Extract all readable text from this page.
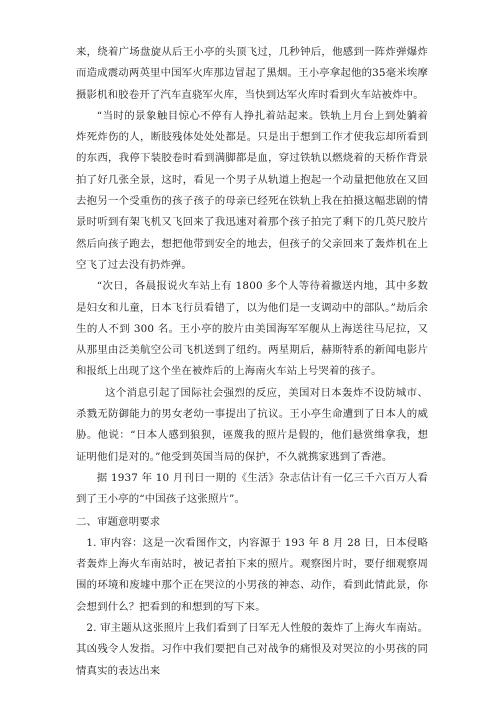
来，绕着广场盘旋从后王小亭的头顶飞过，几秒钟后，他感到一阵炸弹爆炸而造成震动两英里中国军火库那边冒起了黑烟。王小亭拿起他的35毫米埃摩摄影机和胶卷开了汽车直骁军火库，当快到达军火库时看到火车站被炸中。

“当时的景象触目惊心不停有人挣扎着站起来。铁轨上月台上到处躺着炸死炸伤的人，断肢残体处处处都是。只是出于想到工作才使我忘却所看到的东西，我停下装胶卷时看到满脚都是血，穿过铁轨以燃烧着的天桥作背景拍了好几张全景，这时，看见一个男子从轨道上抱起一个动量把他放在又回去抱另一个受重伤的孩子孩子的母亲已经死在铁轨上我在拍摄这幅悲剧的情景时听到有架飞机又飞回来了我迅速对着那个孩子拍完了剩下的几英尺胶片然后向孩子跑去，想把他带到安全的地去，但孩子的父亲回来了轰炸机在上空飞了过去没有扔炸弹。

“次日，各晨报说火车站上有 1800 多个人等待着撤送内地，其中多数是妇女和儿童，日本飞行员看错了，以为他们是一支调动中的部队。”劫后余生的人不到 300 名。王小亭的胶片由美国海军军舰从上海送往马尼拉，又从那里由泛美航空公司飞机送到了纽约。两星期后，赫斯特系的新闻电影片和报纸上出现了这个坐在被炸后的上海南火车站上号哭着的孩子。

这个消息引起了国际社会强烈的反应，美国对日本轰炸不设防城市、杀戮无防御能力的男女老幼一事提出了抗议。王小亭生命遭到了日本人的威胁。他说：“日本人感到狼狈，诬蔑我的照片是假的，他们悬赏缉拿我，想证明他们是对的。”他受到英国当局的保护，不久就携家逃到了香港。

据 1937 年 10 月刊日一期的《生活》杂志估计有一亿三千六百万人看到了王小亭的“中国孩子这张照片”。

二、审题意明要求

1. 审内容：这是一次看图作文，内容源于 193 年 8 月 28 日，日本侵略者轰炸上海火车南站时，被记者拍下来的照片。观察图片时，要仔细观察周围的环境和废墟中那个正在哭泣的小男孩的神态、动作，看到此情此景，你会想到什么？把看到的和想到的写下来。

2. 审主题从这张照片上我们看到了日军无人性般的轰炸了上海火车南站。其凶残令人发指。习作中我们要把自己对战争的痛恨及对哭泣的小男孩的同情真实的表达出来
